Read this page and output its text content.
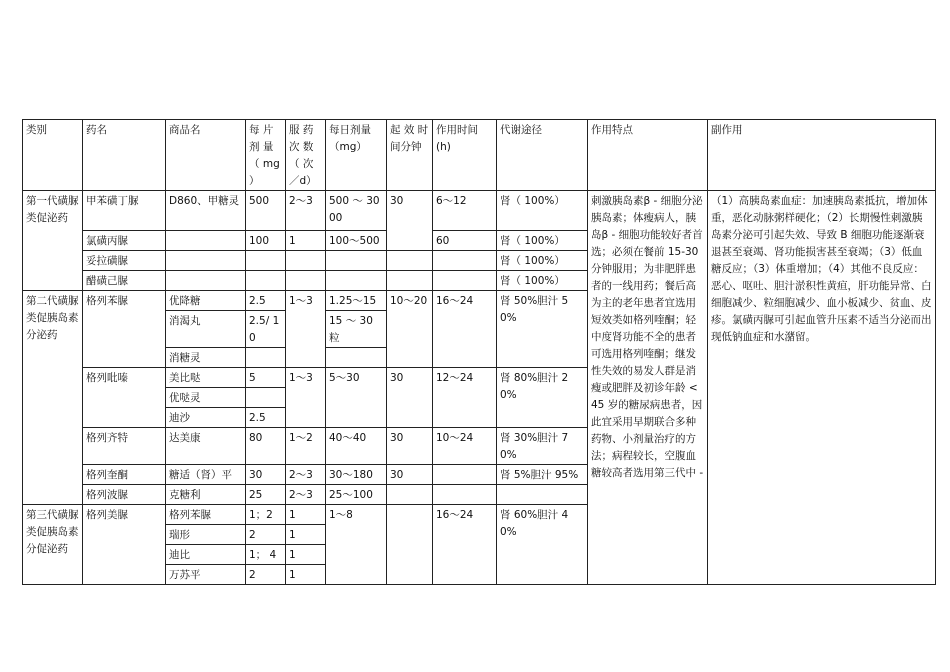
类别	药名	商品名	每 片 剂 量 （ mg ）	服 药 次 数 （ 次 ／d）	每日剂量 （mg）	起 效 时 间分钟	作用时间 (h)	代谢途径	作用特点	副作用
第一代磺脲类促泌药	甲苯磺丁脲	D860、甲糖灵	500	2～3	500 ～ 3000	30	6～12	肾（ 100%）	刺激胰岛素β - 细胞分泌胰岛素；体瘦病人，胰岛β - 细胞功能较好者首选；必须在餐前 15-30 分钟服用；为非肥胖患者的一线用药；餐后高为主的老年患者宜选用短效类如格列喹酮；轻中度肾功能不全的患者可选用格列喹酮；继发性失效的易发人群是消瘦或肥胖及初诊年龄 <45 岁的糖尿病患者，因此宜采用早期联合多种药物、小剂量治疗的方法；病程较长，空腹血糖较高者选用第三代中 -	（1）高胰岛素血症：加速胰岛素抵抗，增加体重，恶化动脉粥样硬化；（2）长期慢性刺激胰岛素分泌可引起失效、导致 B 细胞功能逐渐衰退甚至衰竭、肾功能损害甚至衰竭；（3）低血糖反应；（3）体重增加；（4）其他不良反应：恶心、呕吐、胆汁淤积性黄疸，肝功能异常、白细胞减少、粒细胞减少、血小板减少、贫血、皮疹。氯磺丙脲可引起血管升压素不适当分泌而出现低钠血症和水潴留。
	氯磺丙脲		100	1	100～500		60	肾（ 100%）		
	妥拉磺脲							肾（ 100%）		
	醋磺己脲							肾（ 100%）		
第二代磺脲类促胰岛素分泌药	格列苯脲	优降糖	2.5	1～3	1.25～15	10～20	16～24	肾 50%胆汁 50%		
		消渴丸	2.5/ 10		15 ～ 30 粒					
		消糖灵								
	格列吡嗪	美比哒	5	1～3	5～30	30	12～24	肾 80%胆汁 20%		
		优哒灵								
		迪沙	2.5							
	格列齐特	达美康	80	1～2	40～40	30	10～24	肾 30%胆汁 70%		
	格列奎酮	糖适（肾）平	30	2～3	30～180	30		肾 5%胆汁 95%		
	格列波脲	克糖利	25	2～3	25～100					
第三代磺脲类促胰岛素分促泌药	格列美脲	格列苯脲	1；2	1	1～8		16～24	肾 60%胆汁 40%		
		瑞形	2	1						
		迪比	1； 4	1						
		万苏平	2	1						
